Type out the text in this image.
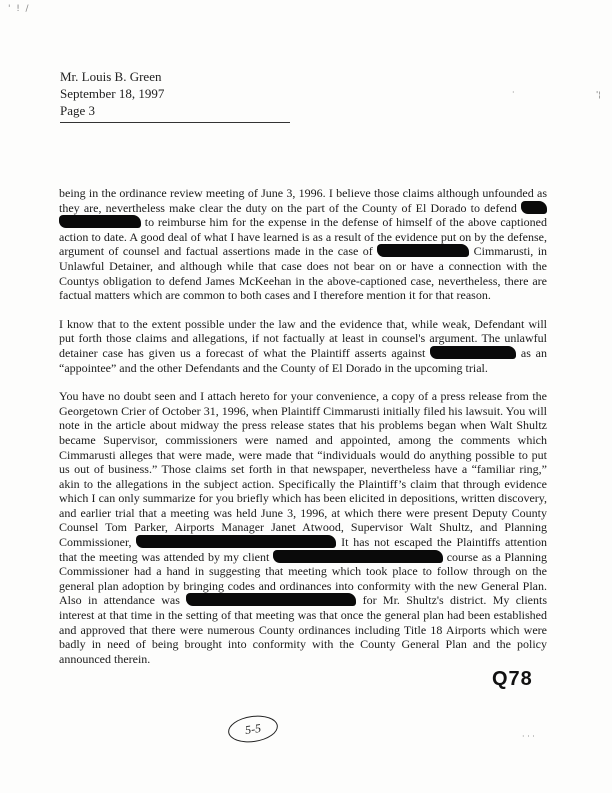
'  !  /
·	'¦
· · ·
Mr. Louis B. Green
September 18, 1997
Page 3

being in the ordinance review meeting of June 3, 1996. I believe those claims although unfounded as they are, nevertheless make clear the duty on the part of the County of El Dorado to defend   to reimburse him for the expense in the defense of himself of the above captioned action to date. A good deal of what I have learned is as a result of the evidence put on by the defense, argument of counsel and factual assertions made in the case of	Cimmarusti, in Unlawful Detainer, and although while that case does not bear on or have a connection with the Countys obligation to defend James McKeehan in the above-captioned case, nevertheless, there are factual matters which are common to both cases and I therefore mention it for that reason.

I know that to the extent possible under the law and the evidence that, while weak, Defendant will put forth those claims and allegations, if not factually at least in counsel's argument. The unlawful detainer case has given us a forecast of what the Plaintiff asserts against	as an “appointee” and the other Defendants and the County of El Dorado in the upcoming trial.

You have no doubt seen and I attach hereto for your convenience, a copy of a press release from the Georgetown Crier of October 31, 1996, when Plaintiff Cimmarusti initially filed his lawsuit. You will note in the article about midway the press release states that his problems began when Walt Shultz became Supervisor, commissioners were named and appointed, among the comments which Cimmarusti alleges that were made, were made that “individuals would do anything possible to put us out of business.” Those claims set forth in that newspaper, nevertheless have a “familiar ring,” akin to the allegations in the subject action. Specifically the Plaintiff’s claim that through evidence which I can only summarize for you briefly which has been elicited in depositions, written discovery, and earlier trial that a meeting was held June 3, 1996, at which there were present Deputy County Counsel Tom Parker, Airports Manager Janet Atwood, Supervisor Walt Shultz, and Planning Commissioner,	It has not escaped the Plaintiffs attention that the meeting was attended by my client	course as a Planning Commissioner had a hand in suggesting that meeting which took place to follow through on the general plan adoption by bringing codes and ordinances into conformity with the new General Plan. Also in attendance was	for Mr. Shultz's district. My clients interest at that time in the setting of that meeting was that once the general plan had been established and approved that there were numerous County ordinances including Title 18 Airports which were badly in need of being brought into conformity with the County General Plan and the policy announced therein.

Q78
5-5
